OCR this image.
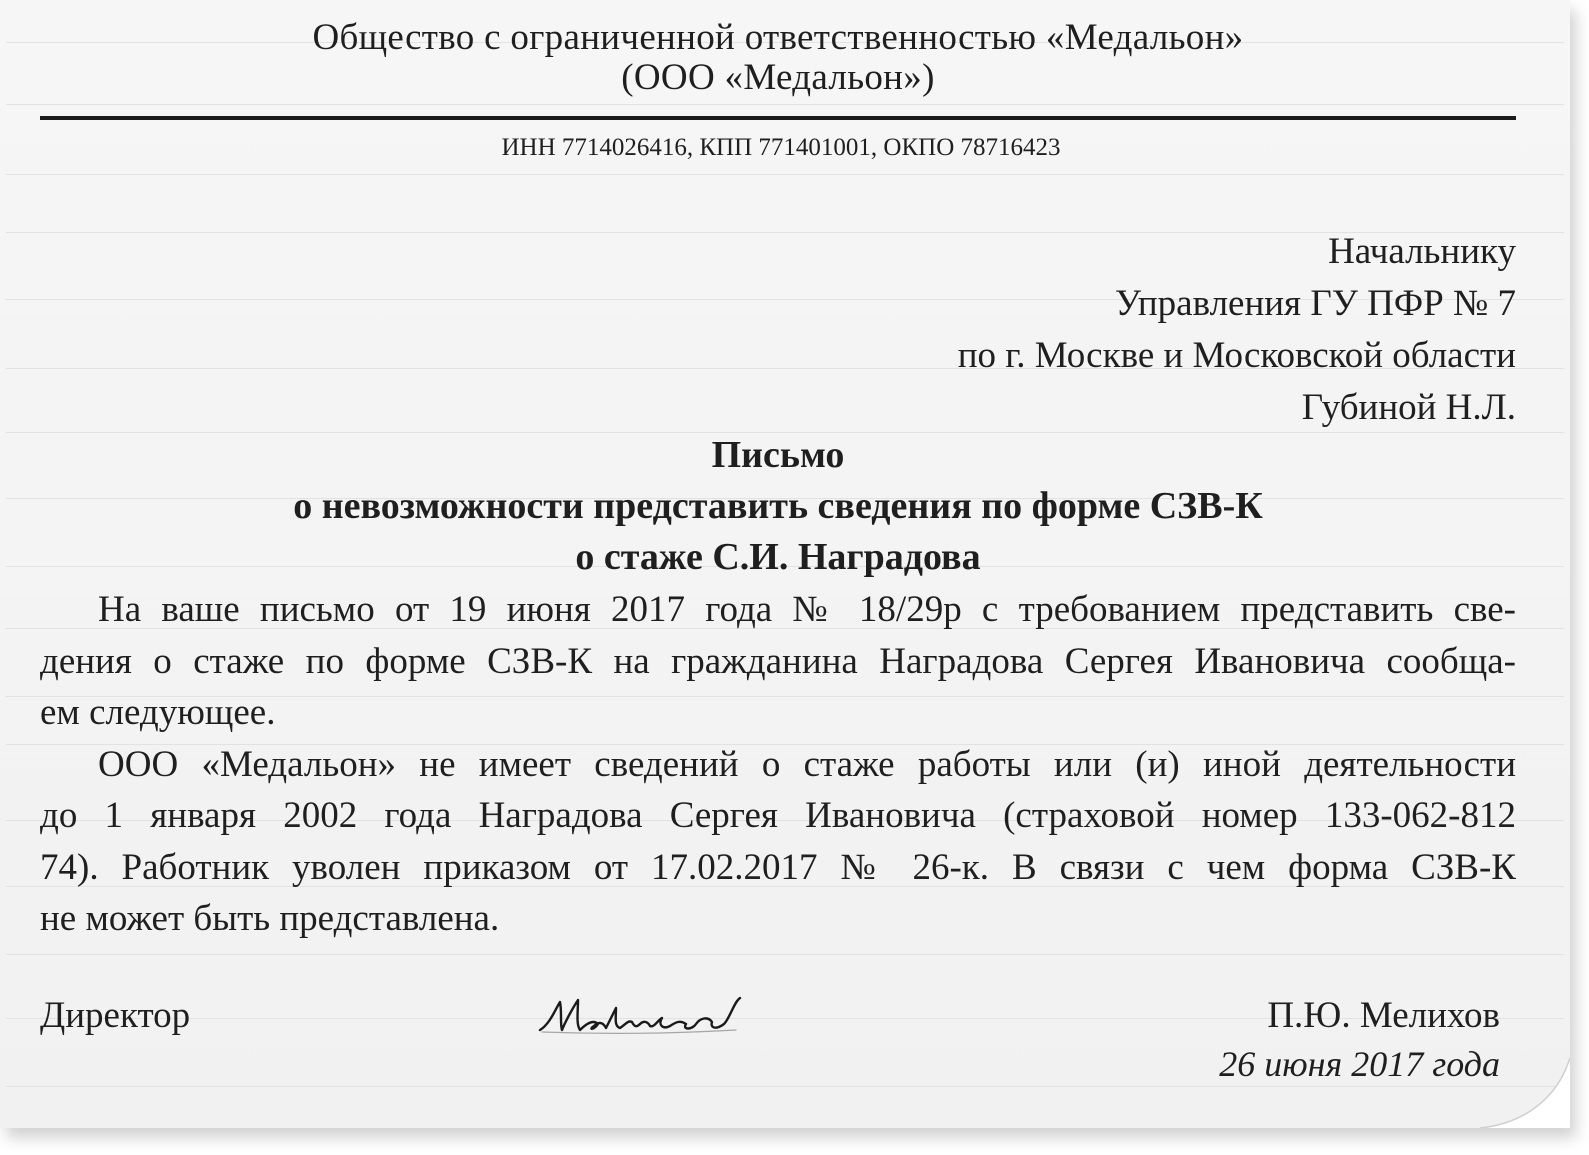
Общество с ограниченной ответственностью «Медальон»
(ООО «Медальон»)
ИНН 7714026416, КПП 771401001, ОКПО 78716423
Начальнику
Управления ГУ ПФР № 7
по г. Москве и Московской области
Губиной Н.Л.
Письмо
о невозможности представить сведения по форме СЗВ-К
о стаже С.И. Наградова
На ваше письмо от 19 июня 2017 года № 18/29р с требованием представить све-
дения о стаже по форме СЗВ-К на гражданина Наградова Сергея Ивановича сообща-
ем следующее.
ООО «Медальон» не имеет сведений о стаже работы или (и) иной деятельности
до 1 января 2002 года Наградова Сергея Ивановича (страховой номер 133-062-812
74). Работник уволен приказом от 17.02.2017 № 26-к. В связи с чем форма СЗВ-К
не может быть представлена.
Директор	П.Ю. Мелихов
26 июня 2017 года
